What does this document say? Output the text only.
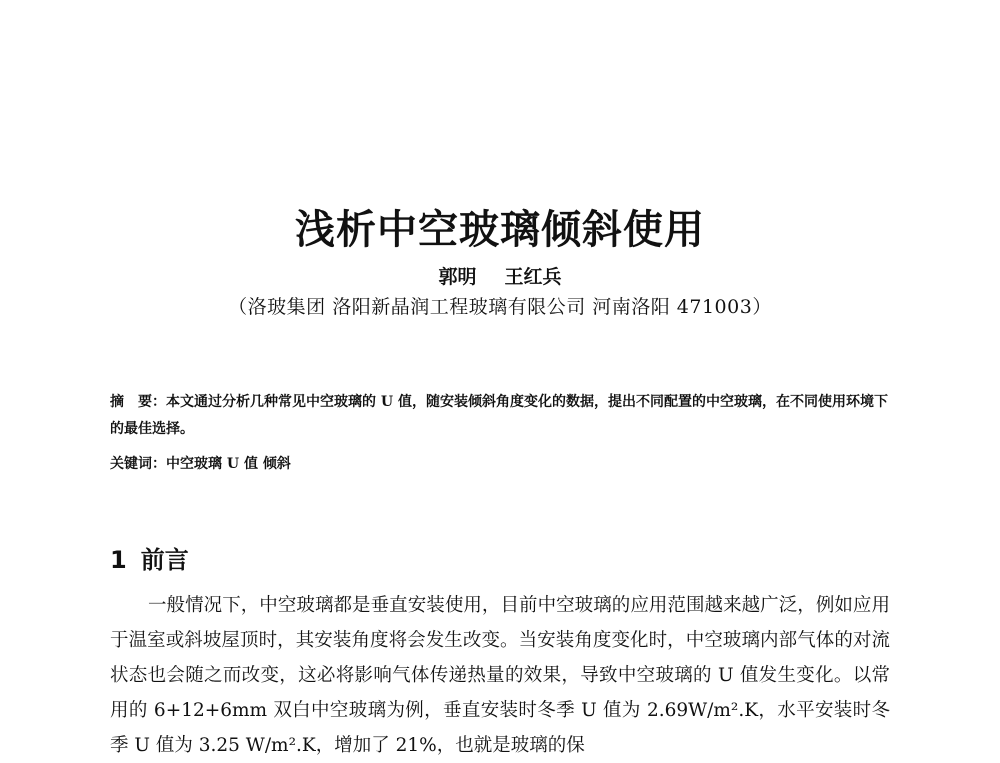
浅析中空玻璃倾斜使用

郭明 王红兵

（洛玻集团 洛阳新晶润工程玻璃有限公司 河南洛阳 471003）

摘　要：本文通过分析几种常见中空玻璃的 U 值，随安装倾斜角度变化的数据，提出不同配置的中空玻璃，在不同使用环境下的最佳选择。

关键词：中空玻璃 U 值 倾斜

1 前言

一般情况下，中空玻璃都是垂直安装使用，目前中空玻璃的应用范围越来越广泛，例如应用于温室或斜坡屋顶时，其安装角度将会发生改变。当安装角度变化时，中空玻璃内部气体的对流状态也会随之而改变，这必将影响气体传递热量的效果，导致中空玻璃的 U 值发生变化。以常用的 6+12+6mm 双白中空玻璃为例，垂直安装时冬季 U 值为 2.69W/m².K，水平安装时冬季 U 值为 3.25 W/m².K，增加了 21%，也就是玻璃的保
